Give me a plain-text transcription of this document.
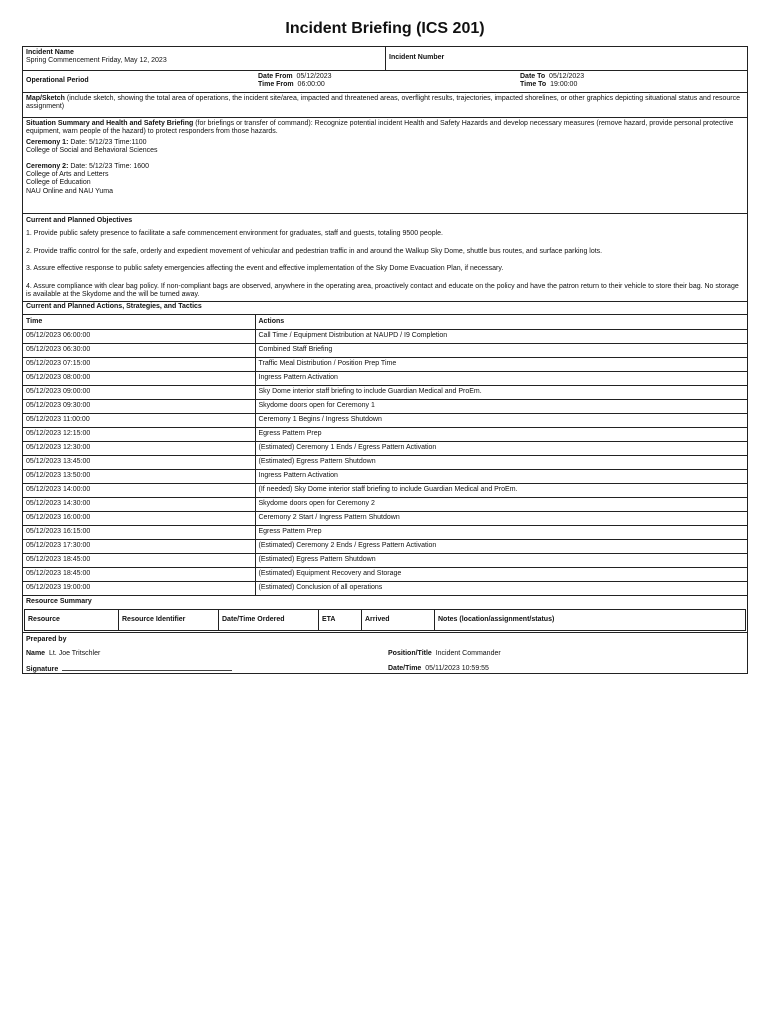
Incident Briefing (ICS 201)
Incident Name
Spring Commencement Friday, May 12, 2023	Incident Number
Operational Period
Date From 05/12/2023
Time From 06:00:00
Date To 05/12/2023
Time To 19:00:00
Map/Sketch (include sketch, showing the total area of operations, the incident site/area, impacted and threatened areas, overflight results, trajectories, impacted shorelines, or other graphics depicting situational status and resource assignment)
Situation Summary and Health and Safety Briefing (for briefings or transfer of command): Recognize potential incident Health and Safety Hazards and develop necessary measures (remove hazard, provide personal protective equipment, warn people of the hazard) to protect responders from those hazards.
Ceremony 1: Date: 5/12/23 Time:1100
College of Social and Behavioral Sciences
Ceremony 2: Date: 5/12/23 Time: 1600
College of Arts and Letters
College of Education
NAU Online and NAU Yuma
Current and Planned Objectives
1. Provide public safety presence to facilitate a safe commencement environment for graduates, staff and guests, totaling 9500 people.
2. Provide traffic control for the safe, orderly and expedient movement of vehicular and pedestrian traffic in and around the Walkup Sky Dome, shuttle bus routes, and surface parking lots.
3. Assure effective response to public safety emergencies affecting the event and effective implementation of the Sky Dome Evacuation Plan, if necessary.
4. Assure compliance with clear bag policy. If non-compliant bags are observed, anywhere in the operating area, proactively contact and educate on the policy and have the patron return to their vehicle to store their bag. No storage is available at the Skydome and the will be turned away.
Current and Planned Actions, Strategies, and Tactics
Time	Actions
05/12/2023 06:00:00	Call Time / Equipment Distribution at NAUPD / I9 Completion
05/12/2023 06:30:00	Combined Staff Briefing
05/12/2023 07:15:00	Traffic Meal Distribution / Position Prep Time
05/12/2023 08:00:00	Ingress Pattern Activation
05/12/2023 09:00:00	Sky Dome interior staff briefing to include Guardian Medical and ProEm.
05/12/2023 09:30:00	Skydome doors open for Ceremony 1
05/12/2023 11:00:00	Ceremony 1 Begins / Ingress Shutdown
05/12/2023 12:15:00	Egress Pattern Prep
05/12/2023 12:30:00	(Estimated) Ceremony 1 Ends / Egress Pattern Activation
05/12/2023 13:45:00	(Estimated) Egress Pattern Shutdown
05/12/2023 13:50:00	Ingress Pattern Activation
05/12/2023 14:00:00	(If needed) Sky Dome interior staff briefing to include Guardian Medical and ProEm.
05/12/2023 14:30:00	Skydome doors open for Ceremony 2
05/12/2023 16:00:00	Ceremony 2 Start / Ingress Pattern Shutdown
05/12/2023 16:15:00	Egress Pattern Prep
05/12/2023 17:30:00	(Estimated) Ceremony 2 Ends / Egress Pattern Activation
05/12/2023 18:45:00	(Estimated) Egress Pattern Shutdown
05/12/2023 18:45:00	(Estimated) Equipment Recovery and Storage
05/12/2023 19:00:00	(Estimated) Conclusion of all operations
Resource Summary
Resource	Resource Identifier	Date/Time Ordered	ETA	Arrived	Notes (location/assignment/status)
Prepared by
Name Lt. Joe Tritschler	Position/Title Incident Commander
Signature	Date/Time 05/11/2023 10:59:55
